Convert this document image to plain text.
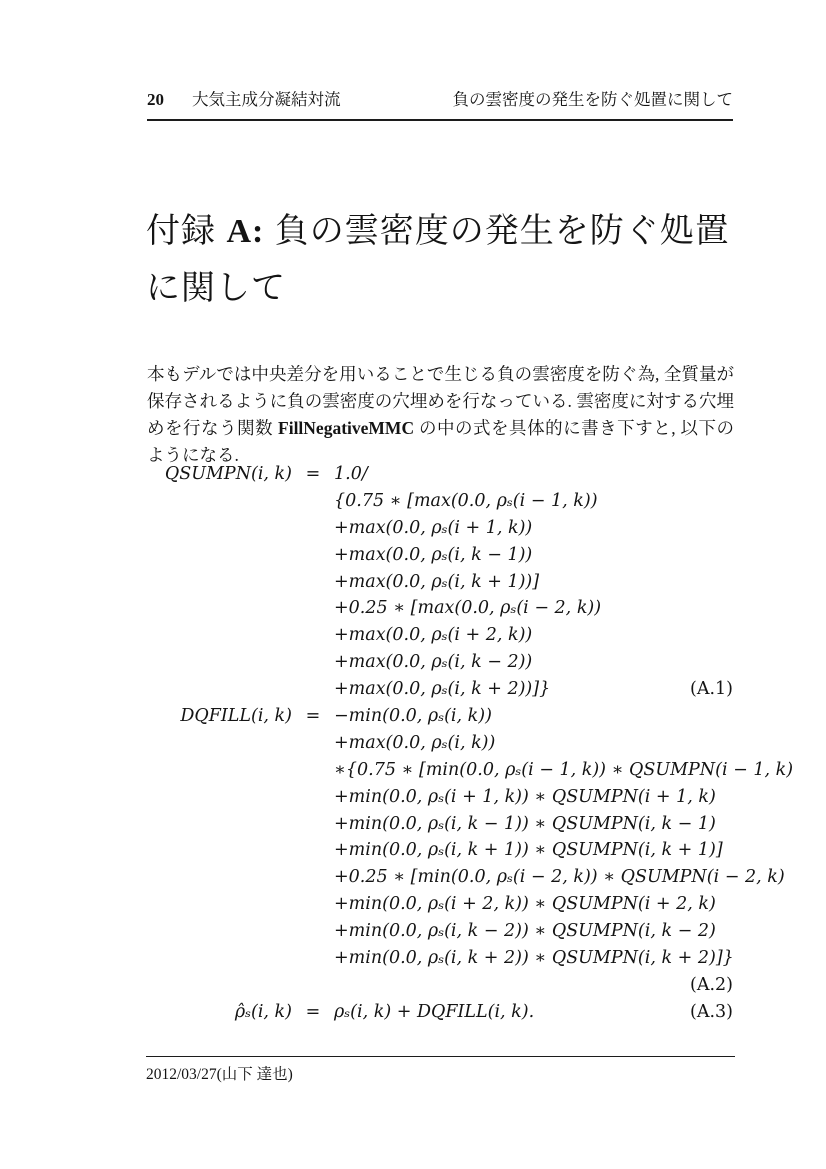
20 大気主成分凝結対流	負の雲密度の発生を防ぐ処置に関して
付録 A: 負の雲密度の発生を防ぐ処置
に関して

本もデルでは中央差分を用いることで生じる負の雲密度を防ぐ為, 全質量が保存されるように負の雲密度の穴埋めを行なっている. 雲密度に対する穴埋めを行なう関数 FillNegativeMMC の中の式を具体的に書き下すと, 以下のようになる.

QSUMPN(i, k) = 1.0/
{0.75 ∗ [max(0.0, ρₛ(i − 1, k))
+max(0.0, ρₛ(i + 1, k))
+max(0.0, ρₛ(i, k − 1))
+max(0.0, ρₛ(i, k + 1))]
+0.25 ∗ [max(0.0, ρₛ(i − 2, k))
+max(0.0, ρₛ(i + 2, k))
+max(0.0, ρₛ(i, k − 2))
+max(0.0, ρₛ(i, k + 2))]}	(A.1)
DQFILL(i, k) = −min(0.0, ρₛ(i, k))
+max(0.0, ρₛ(i, k))
∗{0.75 ∗ [min(0.0, ρₛ(i − 1, k)) ∗ QSUMPN(i − 1, k)
+min(0.0, ρₛ(i + 1, k)) ∗ QSUMPN(i + 1, k)
+min(0.0, ρₛ(i, k − 1)) ∗ QSUMPN(i, k − 1)
+min(0.0, ρₛ(i, k + 1)) ∗ QSUMPN(i, k + 1)]
+0.25 ∗ [min(0.0, ρₛ(i − 2, k)) ∗ QSUMPN(i − 2, k)
+min(0.0, ρₛ(i + 2, k)) ∗ QSUMPN(i + 2, k)
+min(0.0, ρₛ(i, k − 2)) ∗ QSUMPN(i, k − 2)
+min(0.0, ρₛ(i, k + 2)) ∗ QSUMPN(i, k + 2)]}
(A.2)
ρ̂ₛ(i, k) = ρₛ(i, k) + DQFILL(i, k).	(A.3)
2012/03/27(山下 達也)
